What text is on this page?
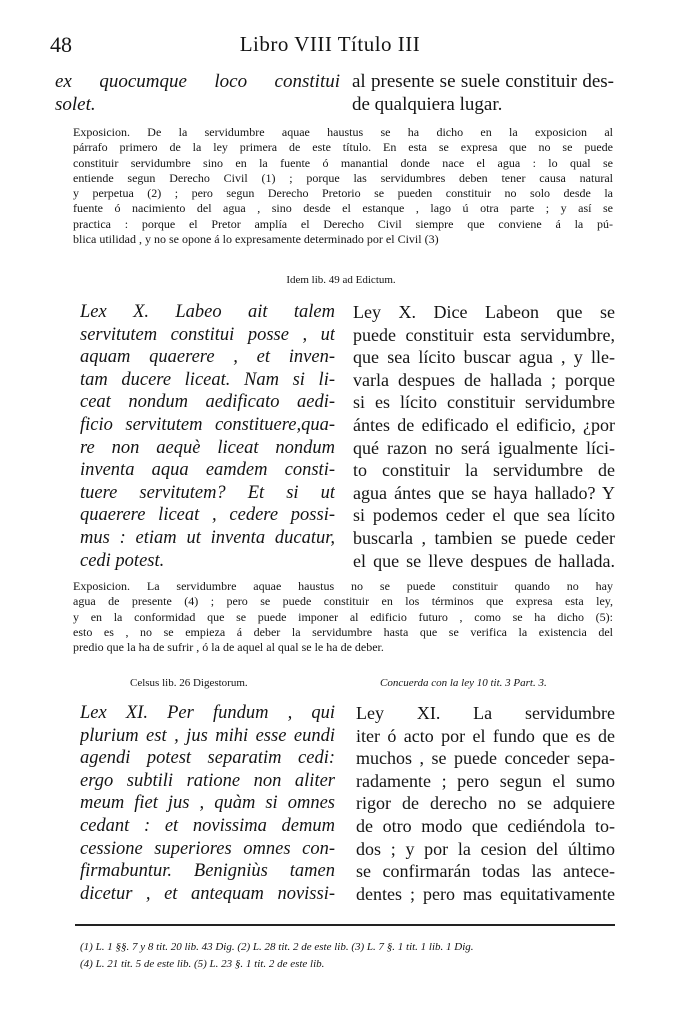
48	Libro VIII Título III
ex quocumque loco constitui
solet.
al presente se suele constituir des-
de qualquiera lugar.
Exposicion. De la servidumbre aquae haustus se ha dicho en la exposicion al
párrafo primero de la ley primera de este título. En esta se expresa que no se puede
constituir servidumbre sino en la fuente ó manantial donde nace el agua : lo qual se
entiende segun Derecho Civil (1) ; porque las servidumbres deben tener causa natural
y perpetua (2) ; pero segun Derecho Pretorio se pueden constituir no solo desde la
fuente ó nacimiento del agua , sino desde el estanque , lago ú otra parte ; y así se
practica : porque el Pretor amplía el Derecho Civil siempre que conviene á la pú-
blica utilidad , y no se opone á lo expresamente determinado por el Civil (3)
Idem lib. 49 ad Edictum.
Lex X. Labeo ait talem
servitutem constitui posse , ut
aquam quaerere , et inven-
tam ducere liceat. Nam si li-
ceat nondum aedificato aedi-
ficio servitutem constituere,qua-
re non aequè liceat nondum
inventa aqua eamdem consti-
tuere servitutem? Et si ut
quaerere liceat , cedere possi-
mus : etiam ut inventa ducatur,
cedi potest.
Ley X. Dice Labeon que se
puede constituir esta servidumbre,
que sea lícito buscar agua , y lle-
varla despues de hallada ; porque
si es lícito constituir servidumbre
ántes de edificado el edificio, ¿por
qué razon no será igualmente líci-
to constituir la servidumbre de
agua ántes que se haya hallado? Y
si podemos ceder el que sea lícito
buscarla , tambien se puede ceder
el que se lleve despues de hallada.
Exposicion. La servidumbre aquae haustus no se puede constituir quando no hay
agua de presente (4) ; pero se puede constituir en los términos que expresa esta ley,
y en la conformidad que se puede imponer al edificio futuro , como se ha dicho (5):
esto es , no se empieza á deber la servidumbre hasta que se verifica la existencia del
predio que la ha de sufrir , ó la de aquel al qual se le ha de deber.
Celsus lib. 26 Digestorum.	Concuerda con la ley 10 tit. 3 Part. 3.
Lex XI. Per fundum , qui
plurium est , jus mihi esse eundi
agendi potest separatim cedi:
ergo subtili ratione non aliter
meum fiet jus , quàm si omnes
cedant : et novissima demum
cessione superiores omnes con-
firmabuntur. Benigniùs tamen
dicetur , et antequam novissi-
Ley XI. La servidumbre
iter ó acto por el fundo que es de
muchos , se puede conceder sepa-
radamente ; pero segun el sumo
rigor de derecho no se adquiere
de otro modo que cediéndola to-
dos ; y por la cesion del último
se confirmarán todas las antece-
dentes ; pero mas equitativamente
(1) L. 1 §§. 7 y 8 tit. 20 lib. 43 Dig. (2) L. 28 tit. 2 de este lib. (3) L. 7 §. 1 tit. 1 lib. 1 Dig.
(4) L. 21 tit. 5 de este lib. (5) L. 23 §. 1 tit. 2 de este lib.
